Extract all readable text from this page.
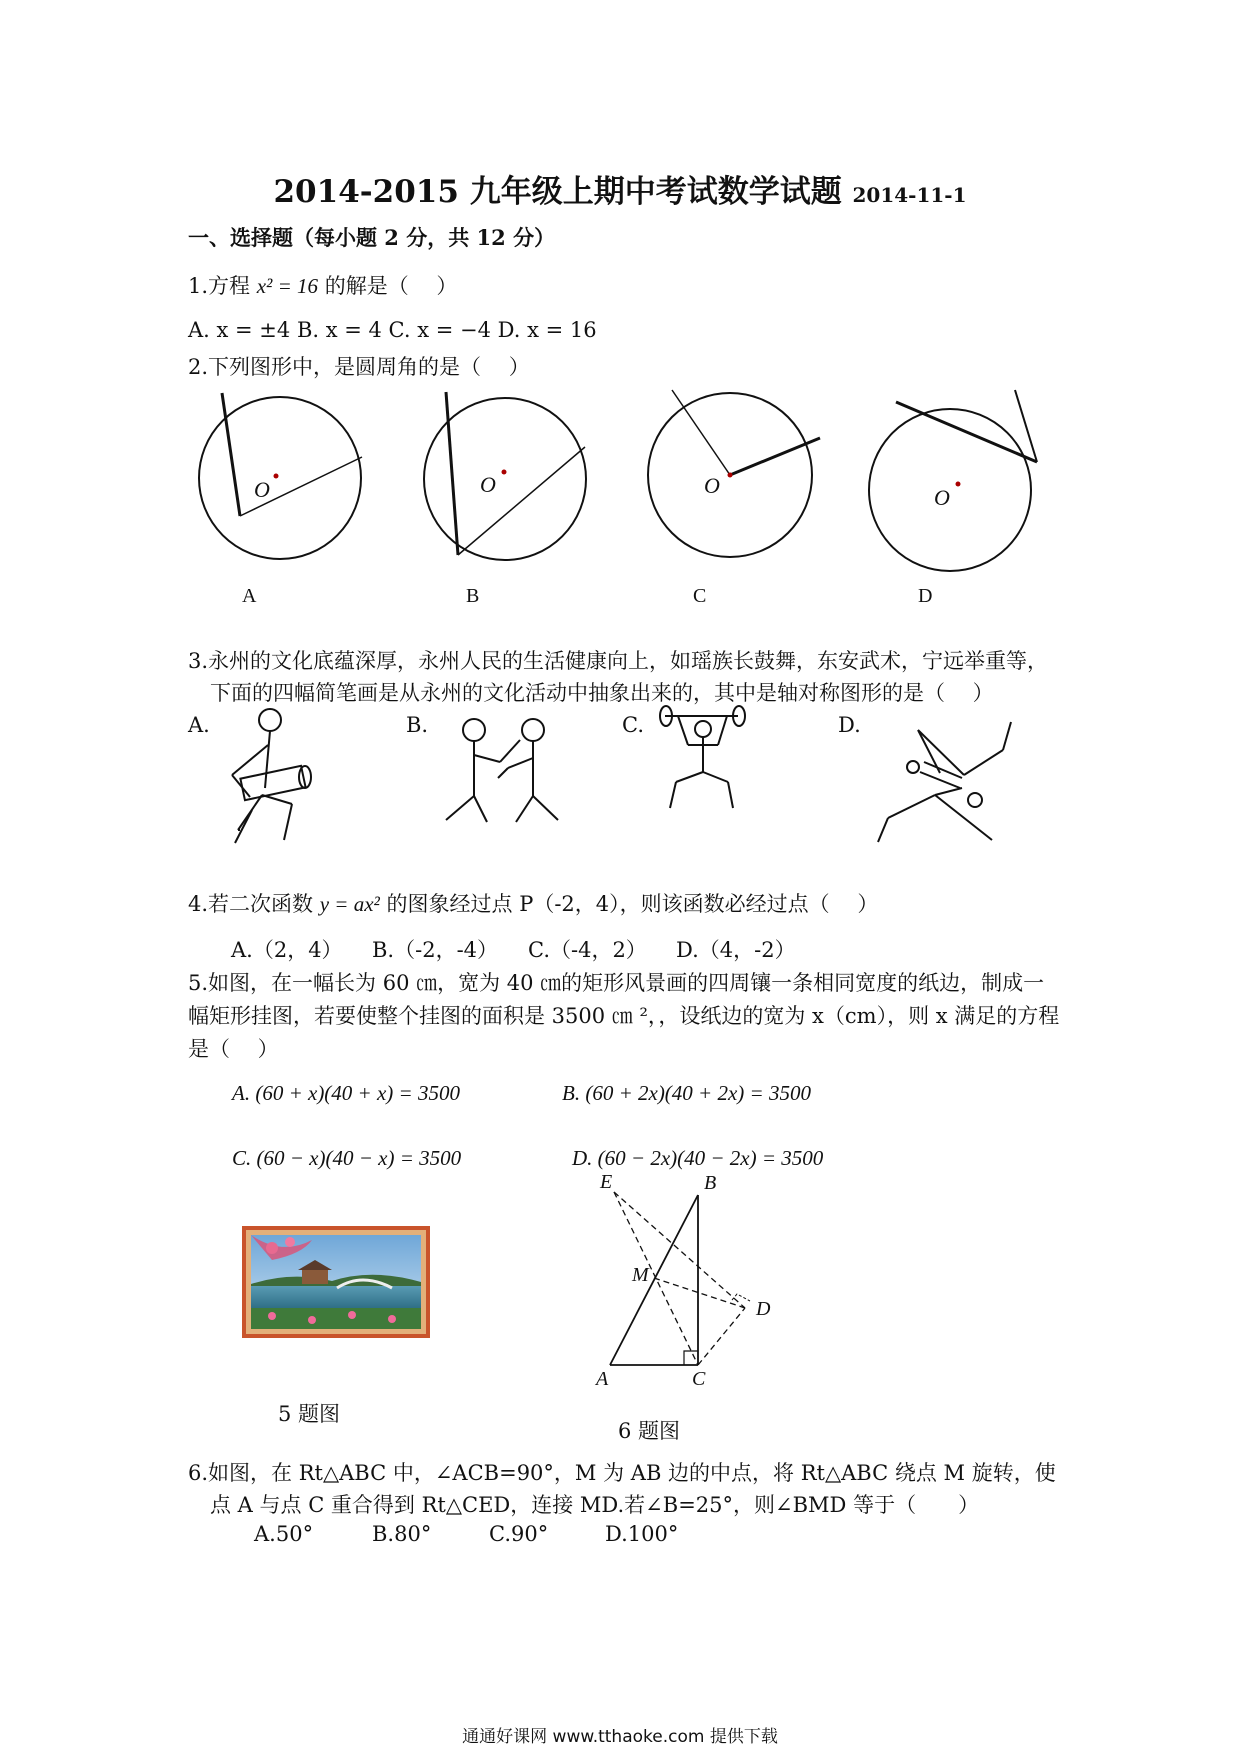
2014-2015 九年级上期中考试数学试题 2014-11-1
一、选择题（每小题 2 分，共 12 分）
1.方程 x² = 16 的解是（　 ）
A. x = ±4 B. x = 4 C. x = −4 D. x = 16
2.下列图形中，是圆周角的是（　 ）
O	O	O	O
A	B	C	D
3.永州的文化底蕴深厚，永州人民的生活健康向上，如瑶族长鼓舞，东安武术，宁远举重等，
下面的四幅简笔画是从永州的文化活动中抽象出来的，其中是轴对称图形的是（　 ）
A.	B.	C.	D.
4.若二次函数 y = ax² 的图象经过点 P（-2，4），则该函数必经过点（　 ）
A.（2，4） B.（-2，-4） C.（-4，2） D.（4，-2）
5.如图，在一幅长为 60 ㎝，宽为 40 ㎝的矩形风景画的四周镶一条相同宽度的纸边，制成一
幅矩形挂图，若要使整个挂图的面积是 3500 ㎝ ²，，设纸边的宽为 x（cm），则 x 满足的方程
是（　 ）
A. (60 + x)(40 + x) = 3500	B. (60 + 2x)(40 + 2x) = 3500
C. (60 − x)(40 − x) = 3500	D. (60 − 2x)(40 − 2x) = 3500
5 题图
E	B
M
D
A	C
6 题图
6.如图，在 Rt△ABC 中，∠ACB=90°，M 为 AB 边的中点，将 Rt△ABC 绕点 M 旋转，使
点 A 与点 C 重合得到 Rt△CED，连接 MD.若∠B=25°，则∠BMD 等于（　　）
A.50°	B.80°	C.90°	D.100°
通通好课网 www.tthaoke.com 提供下载
